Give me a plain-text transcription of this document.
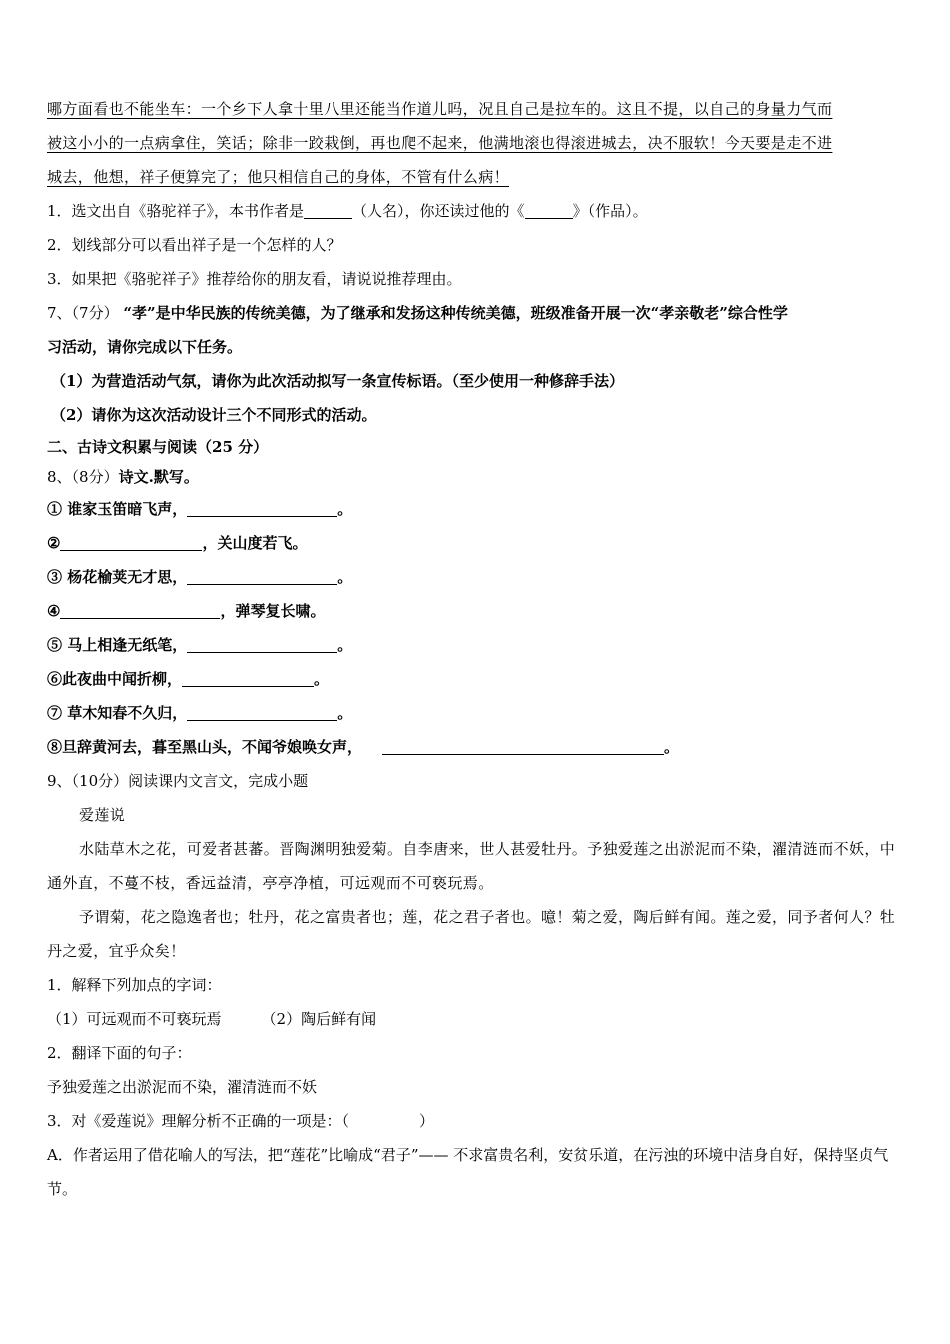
哪方面看也不能坐车：一个乡下人拿十里八里还能当作道儿吗，况且自己是拉车的。这且不提，以自己的身量力气而
被这小小的一点病拿住，笑话；除非一跤栽倒，再也爬不起来，他满地滚也得滚进城去，决不服软！今天要是走不进
城去，他想，祥子便算完了；他只相信自己的身体，不管有什么病！
1．选文出自《骆驼祥子》，本书作者是	（人名），你还读过他的《	》（作品）。
2．划线部分可以看出祥子是一个怎样的人？
3．如果把《骆驼祥子》推荐给你的朋友看，请说说推荐理由。
7、（7分） “孝”是中华民族的传统美德，为了继承和发扬这种传统美德，班级准备开展一次“孝亲敬老”综合性学
习活动，请你完成以下任务。
（1）为营造活动气氛，请你为此次活动拟写一条宣传标语。（至少使用一种修辞手法）
（2）请你为这次活动设计三个不同形式的活动。
二、古诗文积累与阅读（25 分）
8、（8分）诗文.默写。
① 谁家玉笛暗飞声，	。
②	，关山度若飞。
③ 杨花榆荚无才思，	。
④	，弹琴复长啸。
⑤ 马上相逢无纸笔，	。
⑥此夜曲中闻折柳，	。
⑦ 草木知春不久归，	。
⑧旦辞黄河去，暮至黑山头，不闻爷娘唤女声，	。
9、（10分）阅读课内文言文，完成小题
爱莲说
水陆草木之花，可爱者甚蕃。晋陶渊明独爱菊。自李唐来，世人甚爱牡丹。予独爱莲之出淤泥而不染，濯清涟而不妖，中通外直，不蔓不枝，香远益清，亭亭净植，可远观而不可亵玩焉。
予谓菊，花之隐逸者也；牡丹，花之富贵者也；莲，花之君子者也。噫！菊之爱，陶后鲜有闻。莲之爱，同予者何人？牡丹之爱，宜乎众矣！
1．解释下列加点的字词：
（1）可远观而不可亵玩焉	（2）陶后鲜有闻
2．翻译下面的句子：
予独爱莲之出淤泥而不染，濯清涟而不妖
3．对《爱莲说》理解分析不正确的一项是：（	）
A．作者运用了借花喻人的写法，把“莲花”比喻成“君子”—— 不求富贵名利，安贫乐道，在污浊的环境中洁身自好，保持坚贞气节。
